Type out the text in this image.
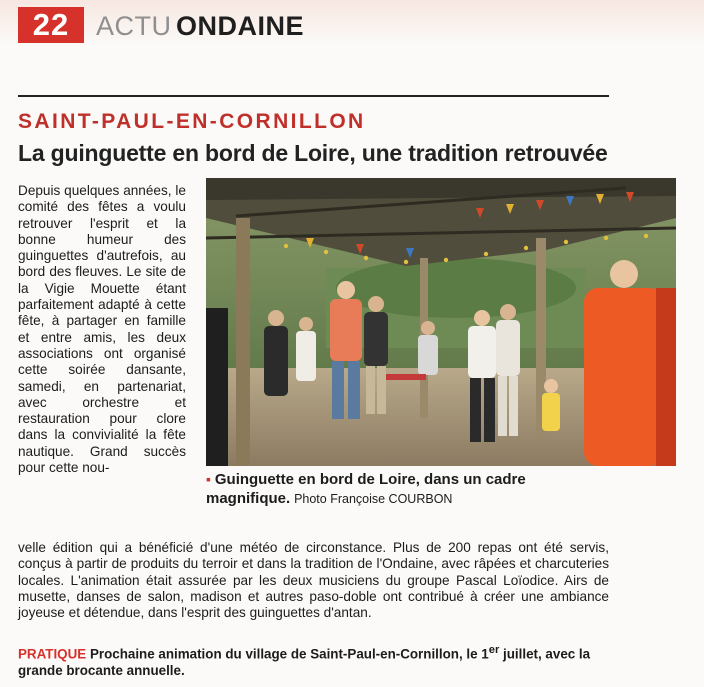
22 ACTU ONDAINE
SAINT-PAUL-EN-CORNILLON
La guinguette en bord de Loire, une tradition retrouvée

Depuis quelques années, le comité des fêtes a voulu retrouver l'esprit et la bonne humeur des guinguettes d'autrefois, au bord des fleuves. Le site de la Vigie Mouette étant parfaitement adapté à cette fête, à partager en famille et entre amis, les deux associations ont organisé cette soirée dansante, samedi, en partenariat, avec orchestre et restauration pour clore dans la convivialité la fête nautique. Grand succès pour cette nou-

▪ Guinguette en bord de Loire, dans un cadre magnifique. Photo Françoise COURBON

velle édition qui a bénéficié d'une météo de circonstance. Plus de 200 repas ont été servis, conçus à partir de produits du terroir et dans la tradition de l'Ondaine, avec râpées et charcuteries locales. L'animation était assurée par les deux musiciens du groupe Pascal Loïodice. Airs de musette, danses de salon, madison et autres paso-doble ont contribué à créer une ambiance joyeuse et détendue, dans l'esprit des guinguettes d'antan.

PRATIQUE Prochaine animation du village de Saint-Paul-en-Cornillon, le 1er juillet, avec la grande brocante annuelle.
